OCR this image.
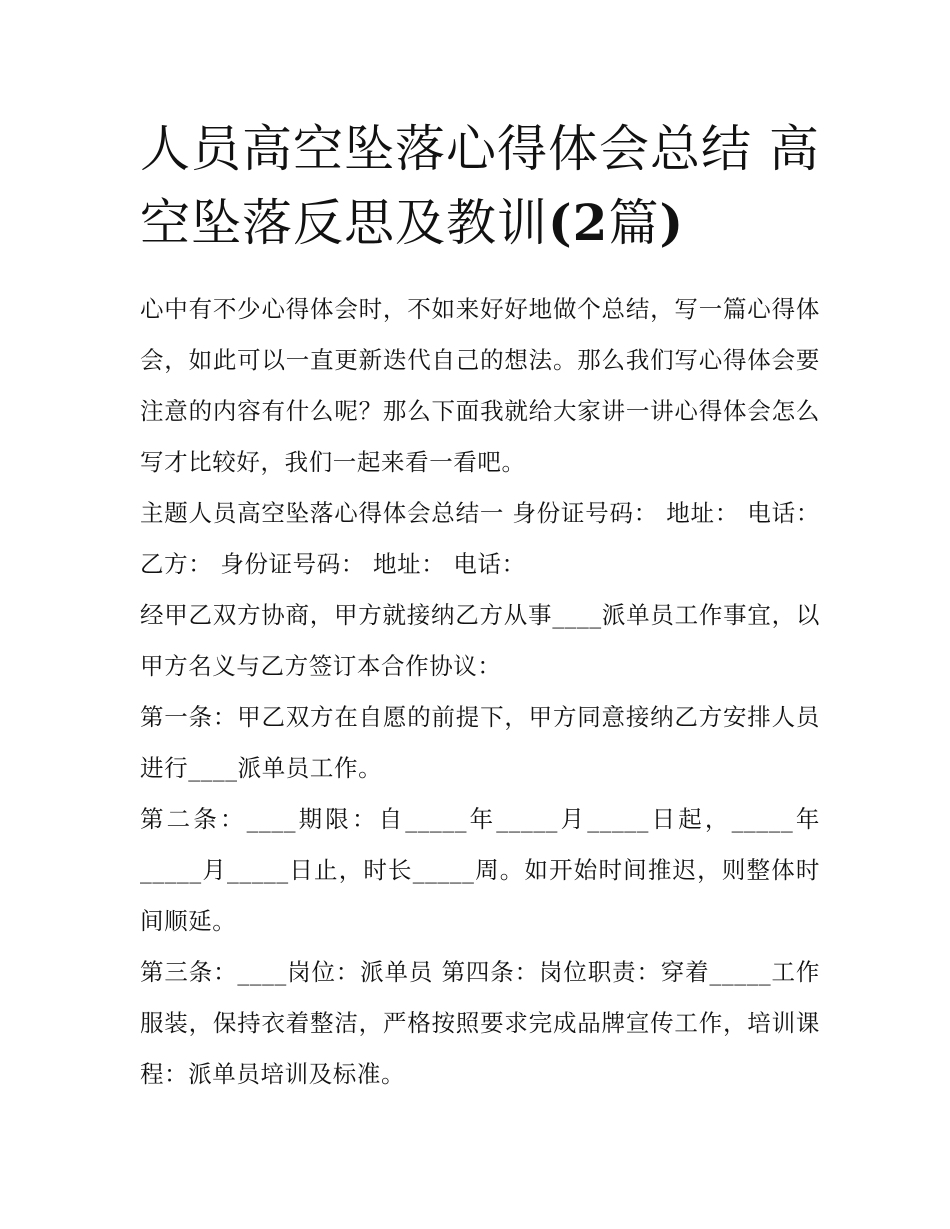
人员高空坠落心得体会总结 高空坠落反思及教训(2篇)

心中有不少心得体会时，不如来好好地做个总结，写一篇心得体会，如此可以一直更新迭代自己的想法。那么我们写心得体会要注意的内容有什么呢？那么下面我就给大家讲一讲心得体会怎么写才比较好，我们一起来看一看吧。

主题人员高空坠落心得体会总结一 身份证号码： 地址： 电话： 乙方： 身份证号码： 地址： 电话：

经甲乙双方协商，甲方就接纳乙方从事____派单员工作事宜，以甲方名义与乙方签订本合作协议：

第一条：甲乙双方在自愿的前提下，甲方同意接纳乙方安排人员进行____派单员工作。

第二条：____期限：自_____年_____月_____日起，_____年_____月_____日止，时长_____周。如开始时间推迟，则整体时间顺延。

第三条：____岗位：派单员 第四条：岗位职责：穿着_____工作服装，保持衣着整洁，严格按照要求完成品牌宣传工作，培训课程：派单员培训及标准。
